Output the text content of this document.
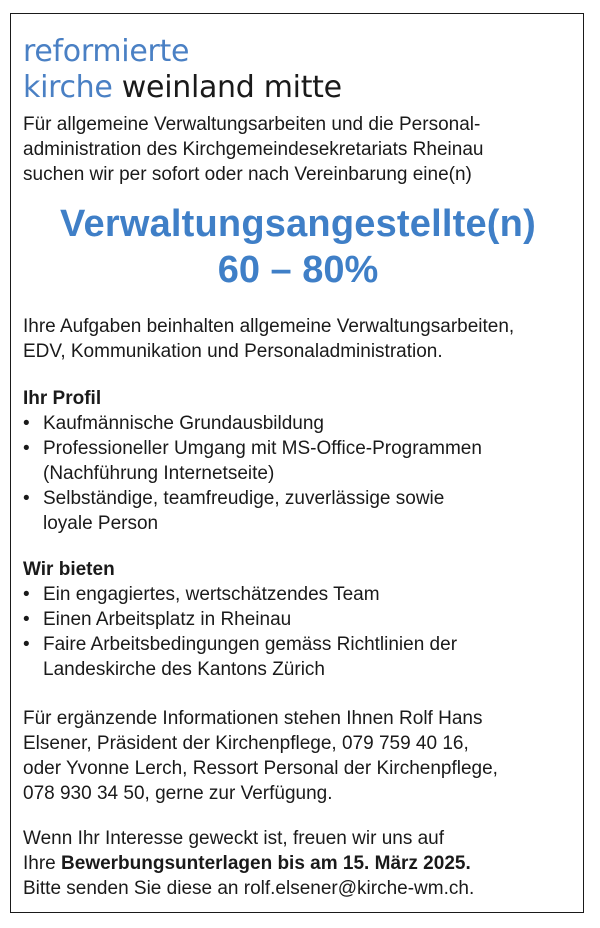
reformierte
kirche weinland mitte
Für allgemeine Verwaltungsarbeiten und die Personal-
administration des Kirchgemeindesekretariats Rheinau
suchen wir per sofort oder nach Vereinbarung eine(n)
Verwaltungsangestellte(n)
60 – 80%
Ihre Aufgaben beinhalten allgemeine Verwaltungsarbeiten,
EDV, Kommunikation und Personaladministration.
Ihr Profil
• Kaufmännische Grundausbildung
• Professioneller Umgang mit MS-Office-Programmen
(Nachführung Internetseite)
• Selbständige, teamfreudige, zuverlässige sowie
loyale Person
Wir bieten
• Ein engagiertes, wertschätzendes Team
• Einen Arbeitsplatz in Rheinau
• Faire Arbeitsbedingungen gemäss Richtlinien der
Landeskirche des Kantons Zürich
Für ergänzende Informationen stehen Ihnen Rolf Hans
Elsener, Präsident der Kirchenpflege, 079 759 40 16,
oder Yvonne Lerch, Ressort Personal der Kirchenpflege,
078 930 34 50, gerne zur Verfügung.
Wenn Ihr Interesse geweckt ist, freuen wir uns auf
Ihre Bewerbungsunterlagen bis am 15. März 2025.
Bitte senden Sie diese an rolf.elsener@kirche-wm.ch.
